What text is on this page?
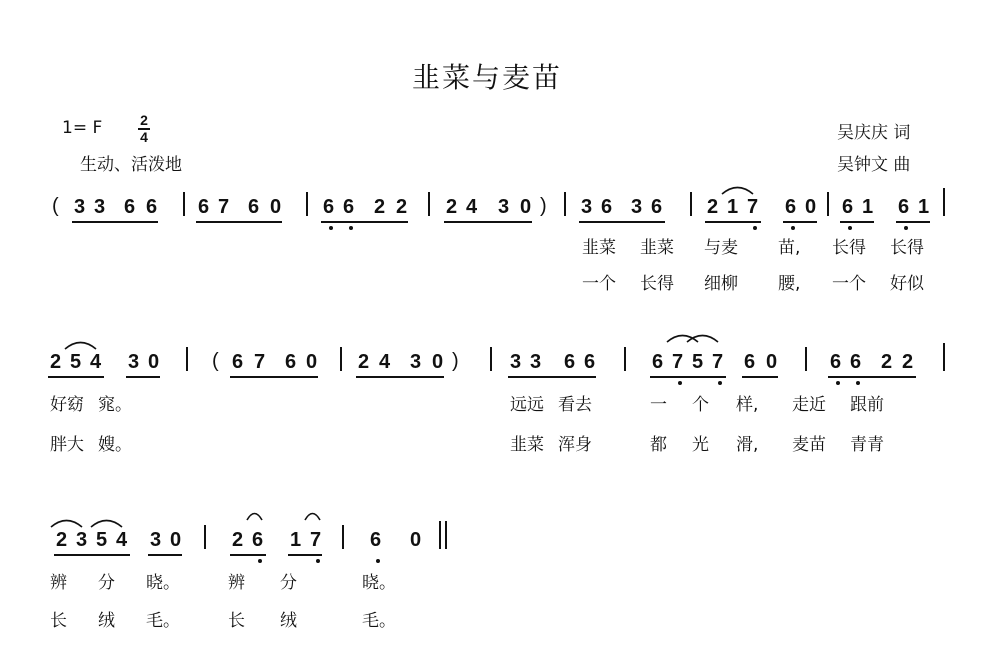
韭菜与麦苗
1= F	2
4
生动、活泼地
吴庆庆 词
吴钟文 曲
3 3 6 6 6 7 6 0 6 6 2 2 2 4 3 0 3 6 3 6 2 1 7 6 0 6 1 6 1
(	)
韭菜
一个
韭菜
长得
与麦
细柳
苗,
腰,
长得
一个
长得
好似
2 5 4 3 0	6 7 6 0 2 4 3 0	3 3 6 6	6 7 5 7 6 0	6 6 2 2
(	)
好窈
胖大
窕。
嫂。
远远
韭菜
看去
浑身
一
都
个
光
样,
滑,
走近
麦苗
跟前
青青
2 3 5 4 3 0	2 6 1 7 6 0
辨
长
分
绒
晓。
毛。
辨
长
分
绒
晓。
毛。
